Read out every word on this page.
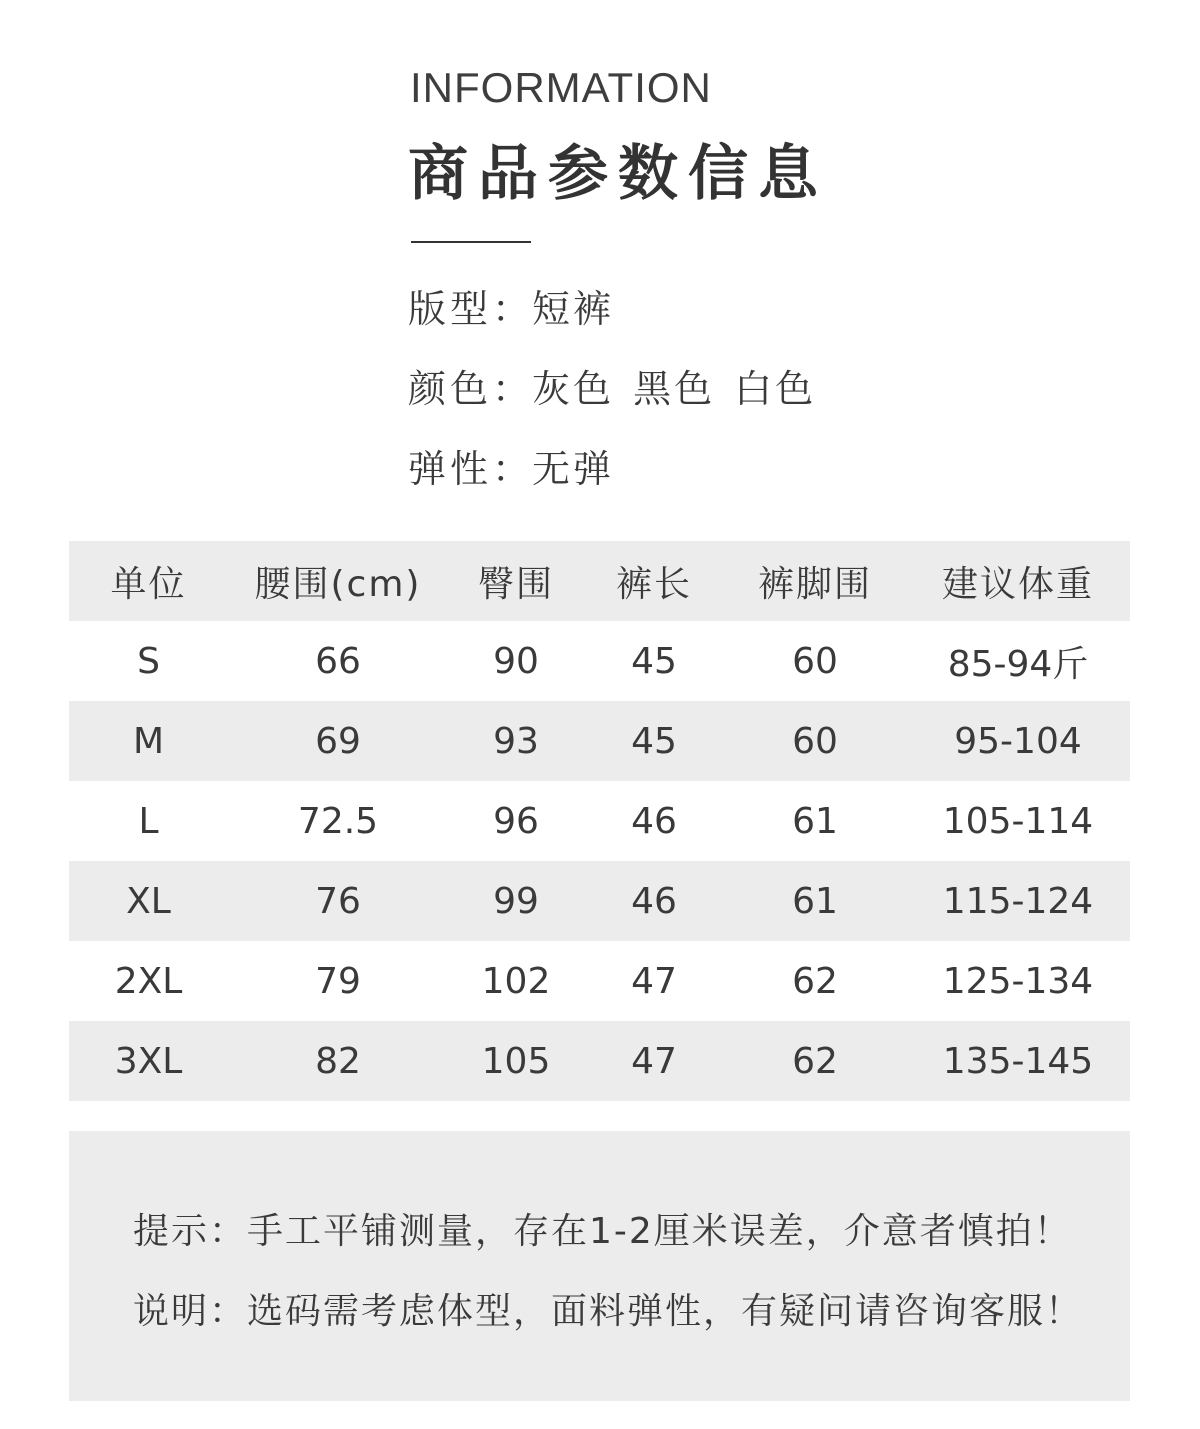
INFORMATION
商品参数信息
版型：短裤
颜色：灰色 黑色 白色
弹性：无弹
单位	腰围(cm)	臀围	裤长	裤脚围	建议体重
S	66	90	45	60	85-94斤
M	69	93	45	60	95-104
L	72.5	96	46	61	105-114
XL	76	99	46	61	115-124
2XL	79	102	47	62	125-134
3XL	82	105	47	62	135-145
提示：手工平铺测量，存在1-2厘米误差，介意者慎拍！
说明：选码需考虑体型，面料弹性，有疑问请咨询客服！
